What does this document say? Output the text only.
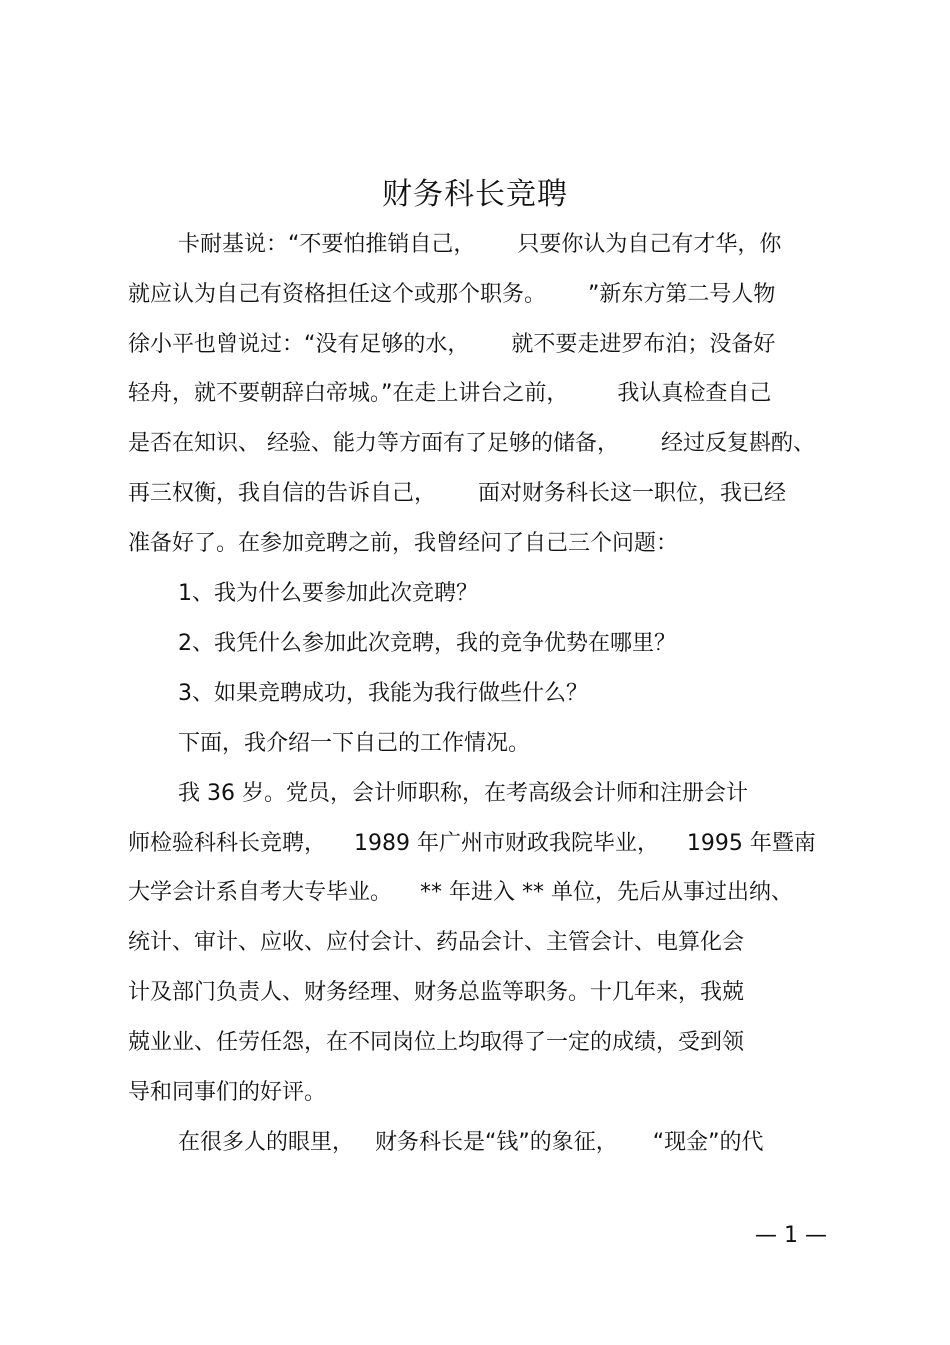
财务科长竞聘
卡耐基说：“不要怕推销自己，      只要你认为自己有才华，你
就应认为自己有资格担任这个或那个职务。      ”新东方第二号人物
徐小平也曾说过：“没有足够的水，      就不要走进罗布泊；没备好
轻舟，就不要朝辞白帝城。”在走上讲台之前，       我认真检查自己
是否在知识、 经验、能力等方面有了足够的储备，      经过反复斟酌、
再三权衡，我自信的告诉自己，      面对财务科长这一职位，我已经
准备好了。在参加竞聘之前，我曾经问了自己三个问题：
1、我为什么要参加此次竞聘？
2、我凭什么参加此次竞聘，我的竞争优势在哪里？
3、如果竞聘成功，我能为我行做些什么？
下面，我介绍一下自己的工作情况。
我 36 岁。党员，会计师职称，在考高级会计师和注册会计
师检验科科长竞聘，    1989 年广州市财政我院毕业，    1995 年暨南
大学会计系自考大专毕业。    ** 年进入 ** 单位，先后从事过出纳、
统计、审计、应收、应付会计、药品会计、主管会计、电算化会
计及部门负责人、财务经理、财务总监等职务。十几年来，我兢
兢业业、任劳任怨，在不同岗位上均取得了一定的成绩，受到领
导和同事们的好评。
在很多人的眼里，   财务科长是“钱”的象征，     “现金”的代
— 1 —
